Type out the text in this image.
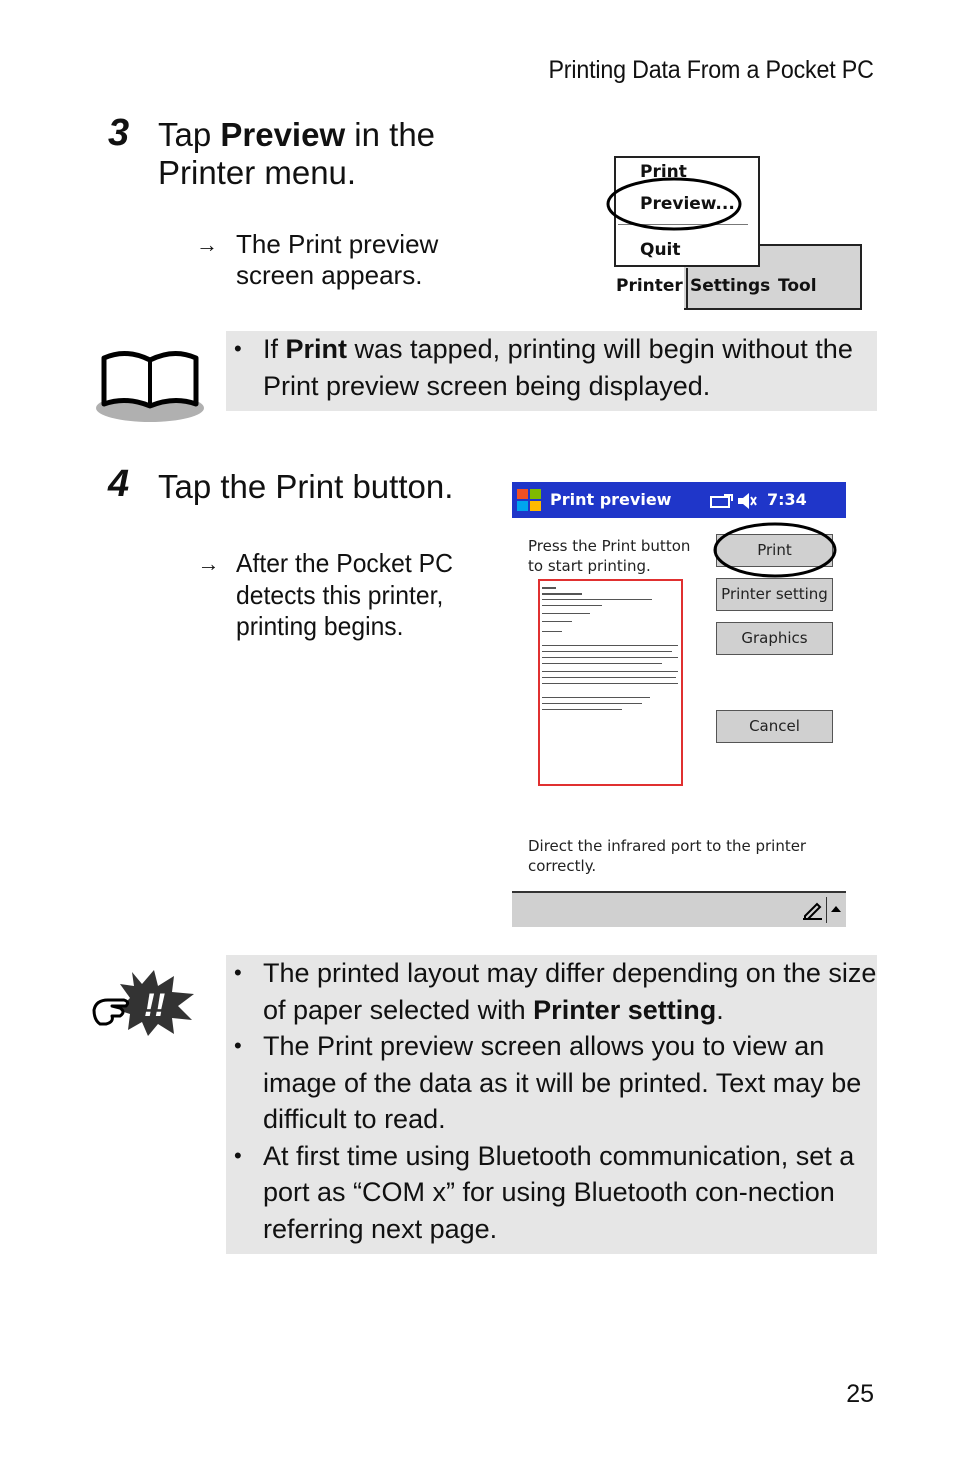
Printing Data From a Pocket PC
3 Tap Preview in the
Printer menu.
→ The Print preview
screen appears.	Printer Settings Tool
Print
Preview...
Quit
• If Print was tapped, printing will begin without the Print preview screen being displayed.
4 Tap the Print button.
→ After the Pocket PC
detects this printer,
printing begins.
Print preview	7:34
Press the Print button
to start printing.
Print
Printer setting
Graphics
Cancel
Direct the infrared port to the printer
correctly.
!!
• The printed layout may differ depending on the size of paper selected with Printer setting.
• The Print preview screen allows you to view an image of the data as it will be printed. Text may be difficult to read.
• At first time using Bluetooth communication, set a port as “COM x” for using Bluetooth con-nection referring next page.
25
